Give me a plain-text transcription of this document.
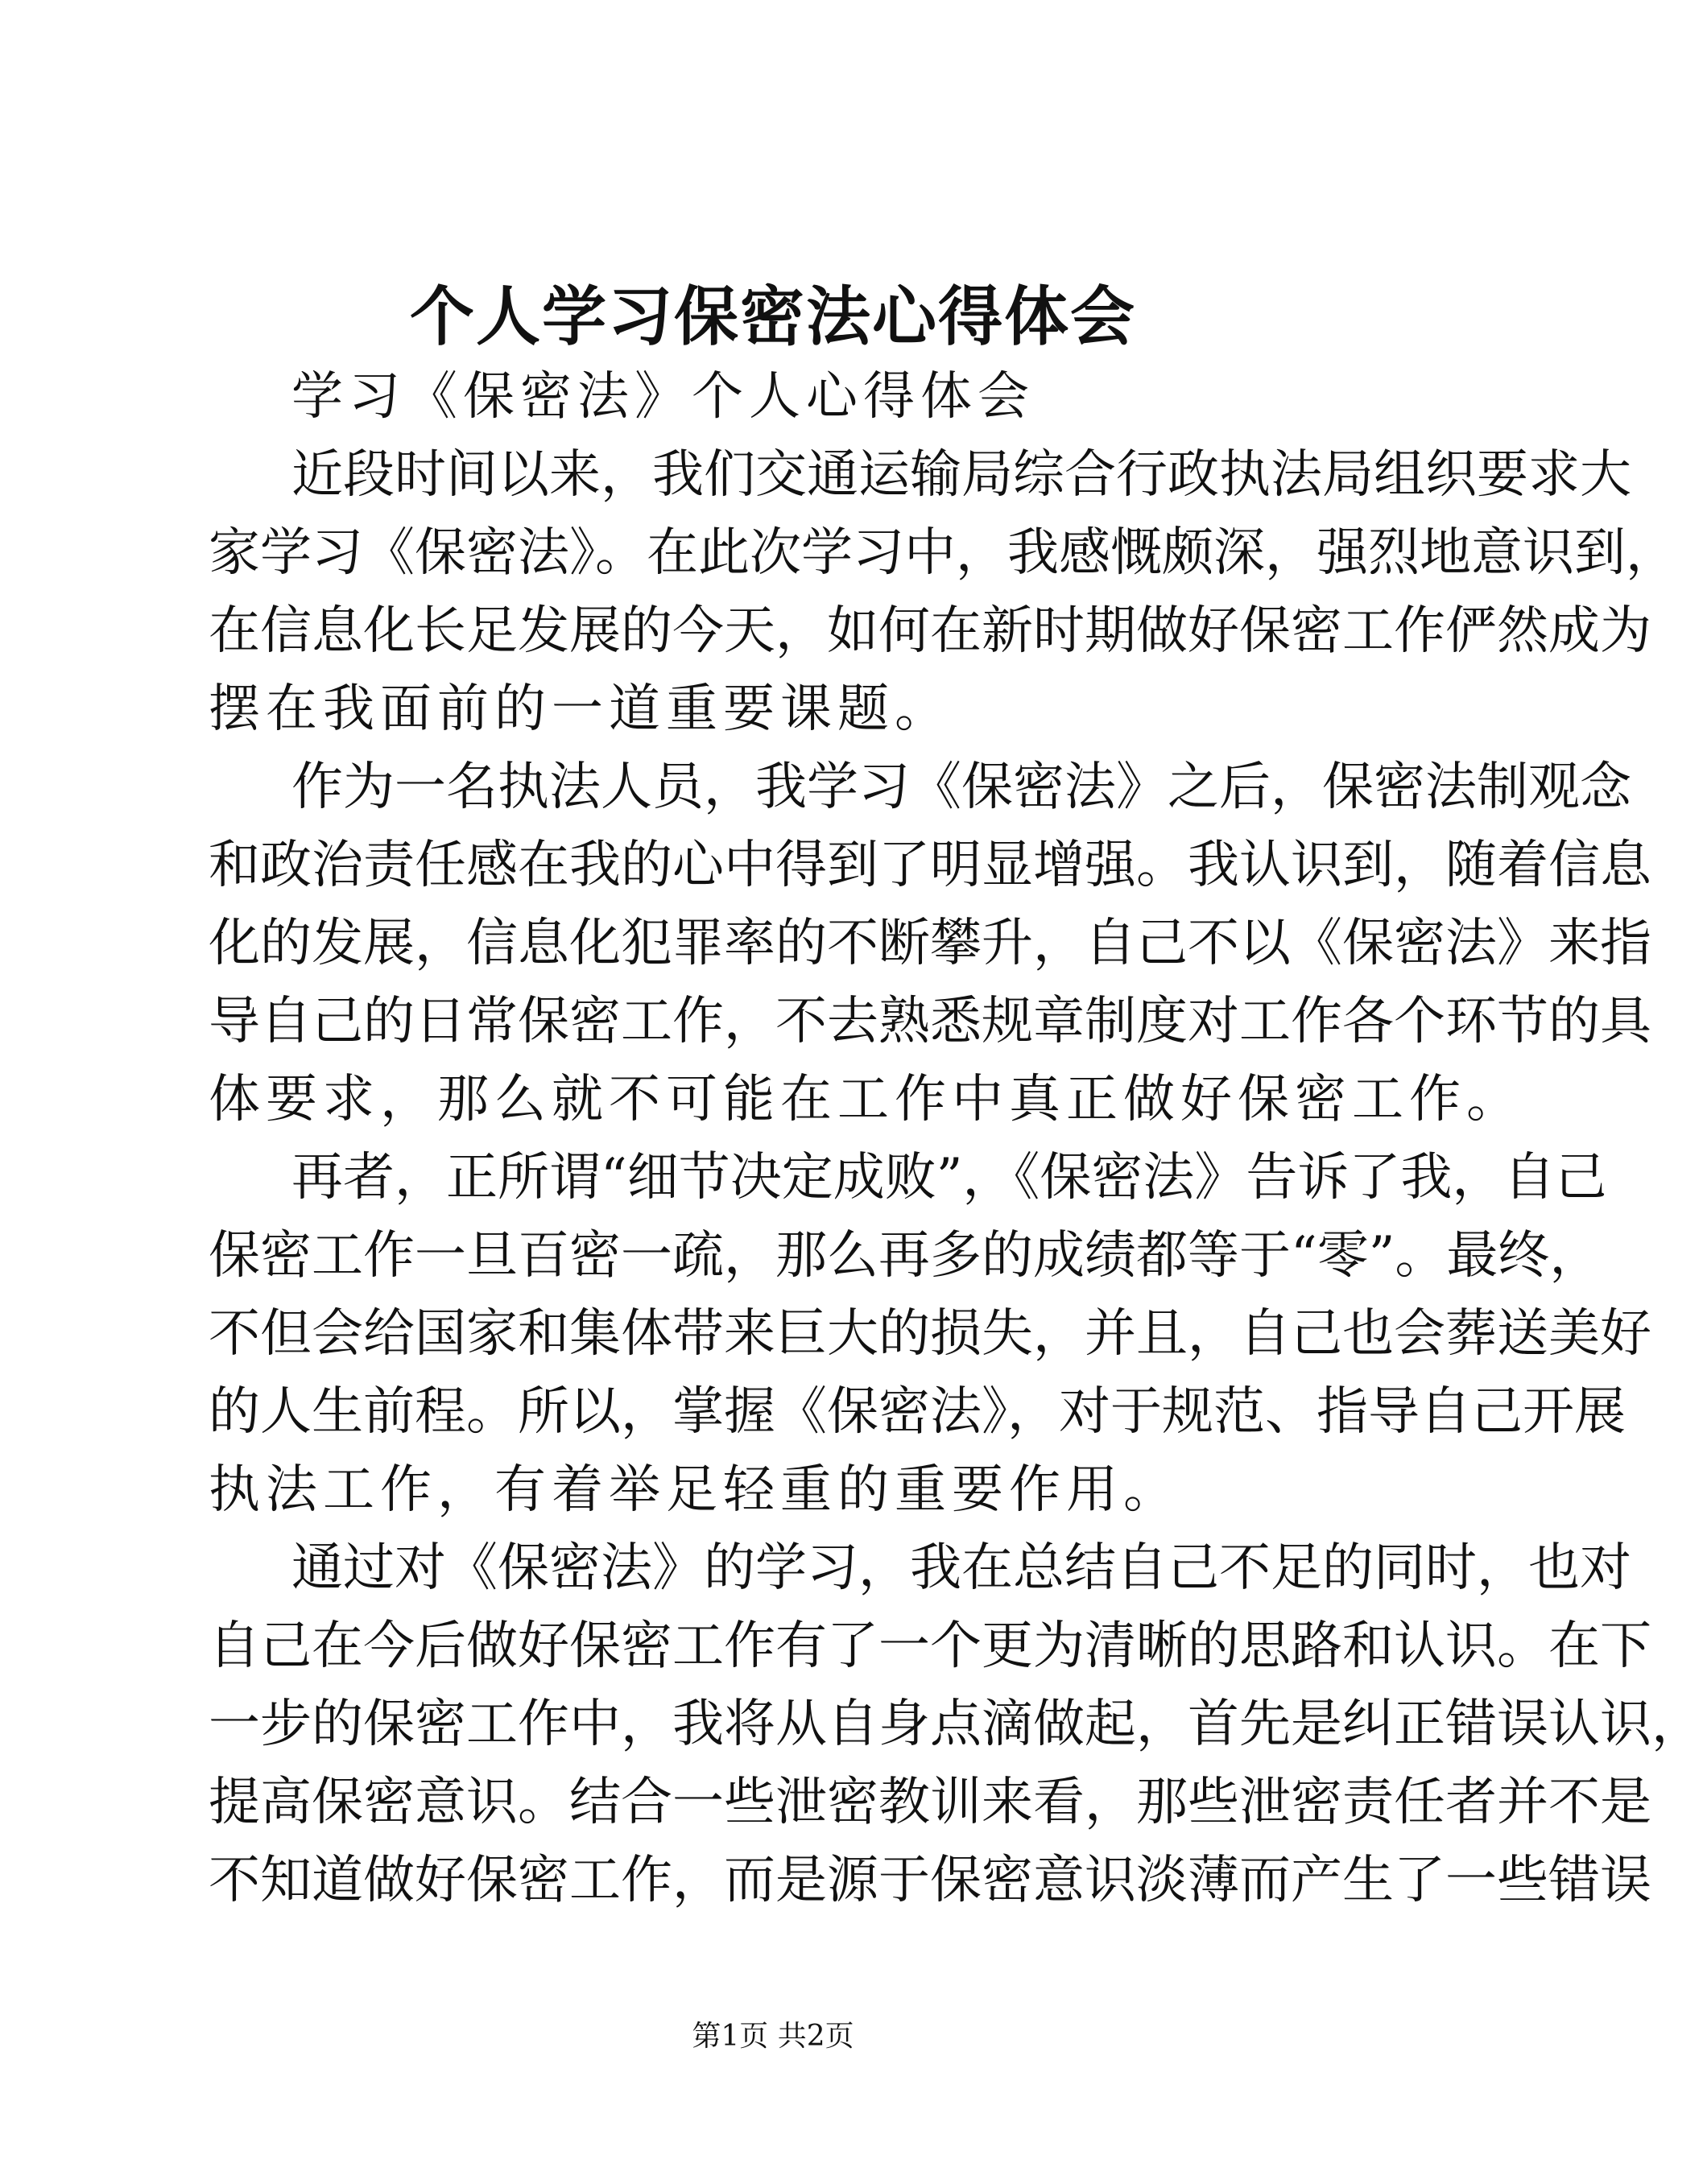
个人学习保密法心得体会
学习《保密法》个人心得体会
近段时间以来，我们交通运输局综合行政执法局组织要求大
家学习《保密法》。在此次学习中，我感慨颇深，强烈地意识到，
在信息化长足发展的今天，如何在新时期做好保密工作俨然成为
摆在我面前的一道重要课题。
作为一名执法人员，我学习《保密法》之后，保密法制观念
和政治责任感在我的心中得到了明显增强。我认识到，随着信息
化的发展，信息化犯罪率的不断攀升，自己不以《保密法》来指
导自己的日常保密工作，不去熟悉规章制度对工作各个环节的具
体要求，那么就不可能在工作中真正做好保密工作。
再者，正所谓“细节决定成败”，《保密法》告诉了我，自己
保密工作一旦百密一疏，那么再多的成绩都等于“零”。最终，
不但会给国家和集体带来巨大的损失，并且，自己也会葬送美好
的人生前程。所以，掌握《保密法》，对于规范、指导自己开展
执法工作，有着举足轻重的重要作用。
通过对《保密法》的学习，我在总结自己不足的同时，也对
自己在今后做好保密工作有了一个更为清晰的思路和认识。在下
一步的保密工作中，我将从自身点滴做起，首先是纠正错误认识，
提高保密意识。结合一些泄密教训来看，那些泄密责任者并不是
不知道做好保密工作，而是源于保密意识淡薄而产生了一些错误
第1页 共2页
